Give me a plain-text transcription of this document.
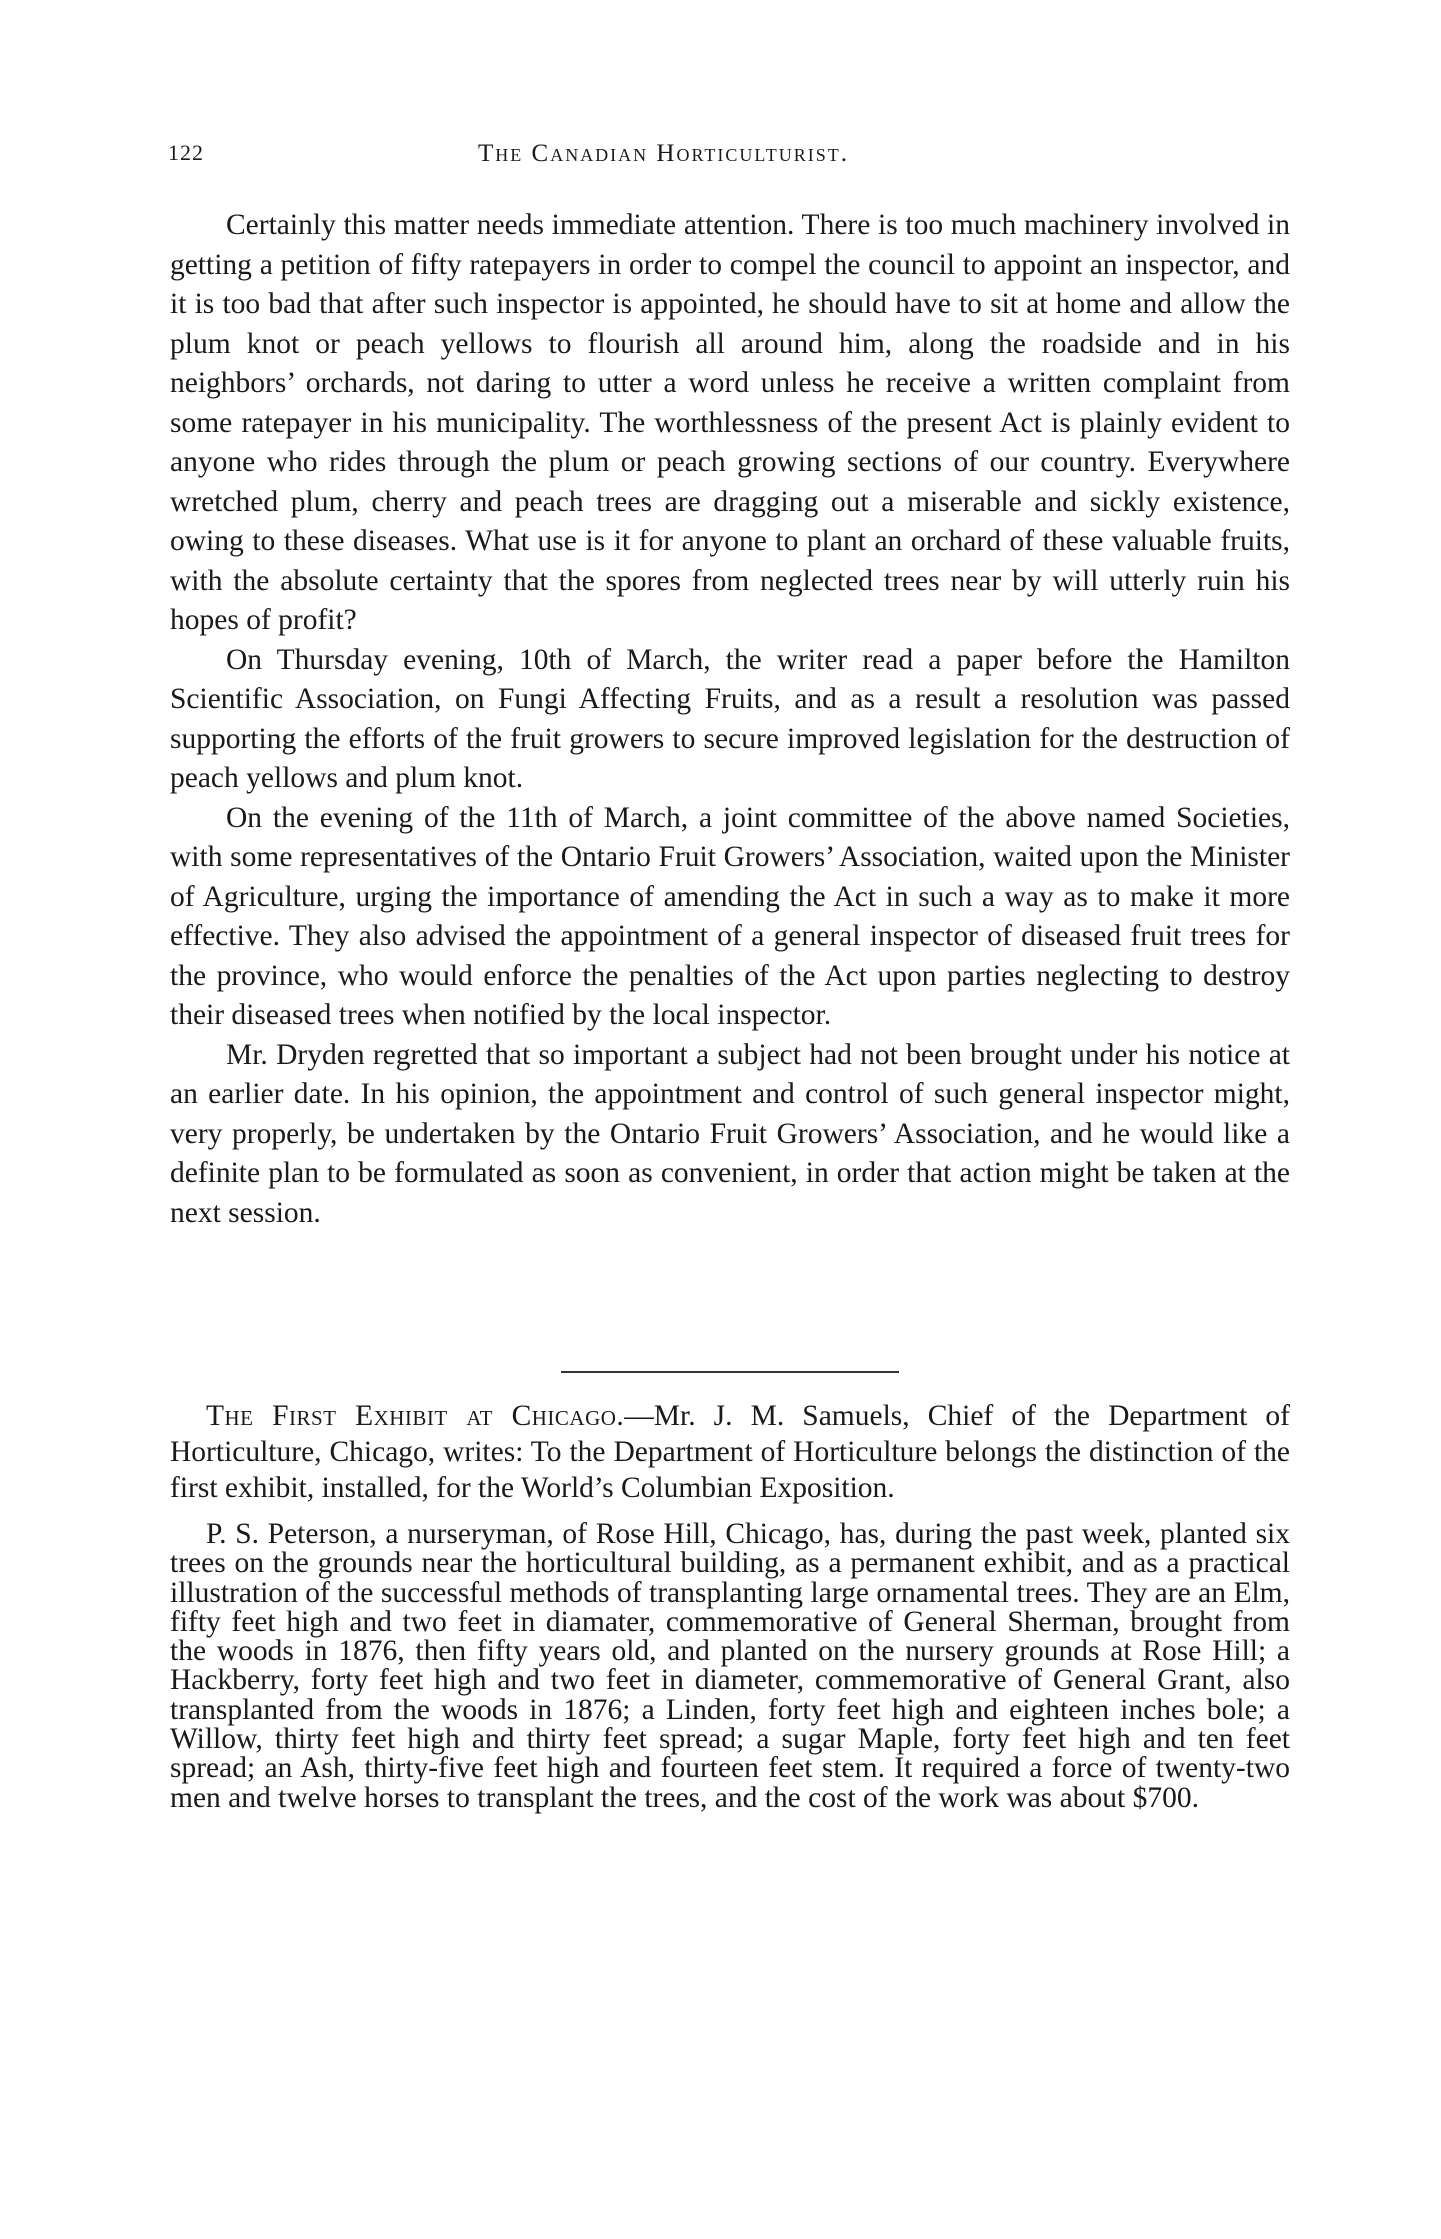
122	The Canadian Horticulturist.

Certainly this matter needs immediate attention. There is too much machinery involved in getting a petition of fifty ratepayers in order to compel the council to appoint an inspector, and it is too bad that after such inspector is appointed, he should have to sit at home and allow the plum knot or peach yellows to flourish all around him, along the roadside and in his neighbors’ orchards, not daring to utter a word unless he receive a written complaint from some ratepayer in his municipality. The worthlessness of the present Act is plainly evident to anyone who rides through the plum or peach growing sections of our country. Everywhere wretched plum, cherry and peach trees are dragging out a miserable and sickly existence, owing to these diseases. What use is it for anyone to plant an orchard of these valuable fruits, with the absolute certainty that the spores from neglected trees near by will utterly ruin his hopes of profit?

On Thursday evening, 10th of March, the writer read a paper before the Hamilton Scientific Association, on Fungi Affecting Fruits, and as a result a resolution was passed supporting the efforts of the fruit growers to secure improved legislation for the destruction of peach yellows and plum knot.

On the evening of the 11th of March, a joint committee of the above named Societies, with some representatives of the Ontario Fruit Growers’ Association, waited upon the Minister of Agriculture, urging the importance of amending the Act in such a way as to make it more effective. They also advised the appointment of a general inspector of diseased fruit trees for the province, who would enforce the penalties of the Act upon parties neglecting to destroy their diseased trees when notified by the local inspector.

Mr. Dryden regretted that so important a subject had not been brought under his notice at an earlier date. In his opinion, the appointment and control of such general inspector might, very properly, be undertaken by the Ontario Fruit Growers’ Association, and he would like a definite plan to be formulated as soon as convenient, in order that action might be taken at the next session.

The First Exhibit at Chicago.—Mr. J. M. Samuels, Chief of the Department of Horticulture, Chicago, writes: To the Department of Horticulture belongs the distinction of the first exhibit, installed, for the World’s Columbian Exposition.

P. S. Peterson, a nurseryman, of Rose Hill, Chicago, has, during the past week, planted six trees on the grounds near the horticultural building, as a permanent exhibit, and as a practical illustration of the successful methods of transplanting large ornamental trees. They are an Elm, fifty feet high and two feet in diamater, commemorative of General Sherman, brought from the woods in 1876, then fifty years old, and planted on the nursery grounds at Rose Hill; a Hackberry, forty feet high and two feet in diameter, commemorative of General Grant, also transplanted from the woods in 1876; a Linden, forty feet high and eighteen inches bole; a Willow, thirty feet high and thirty feet spread; a sugar Maple, forty feet high and ten feet spread; an Ash, thirty-five feet high and fourteen feet stem. It required a force of twenty-two men and twelve horses to transplant the trees, and the cost of the work was about $700.
